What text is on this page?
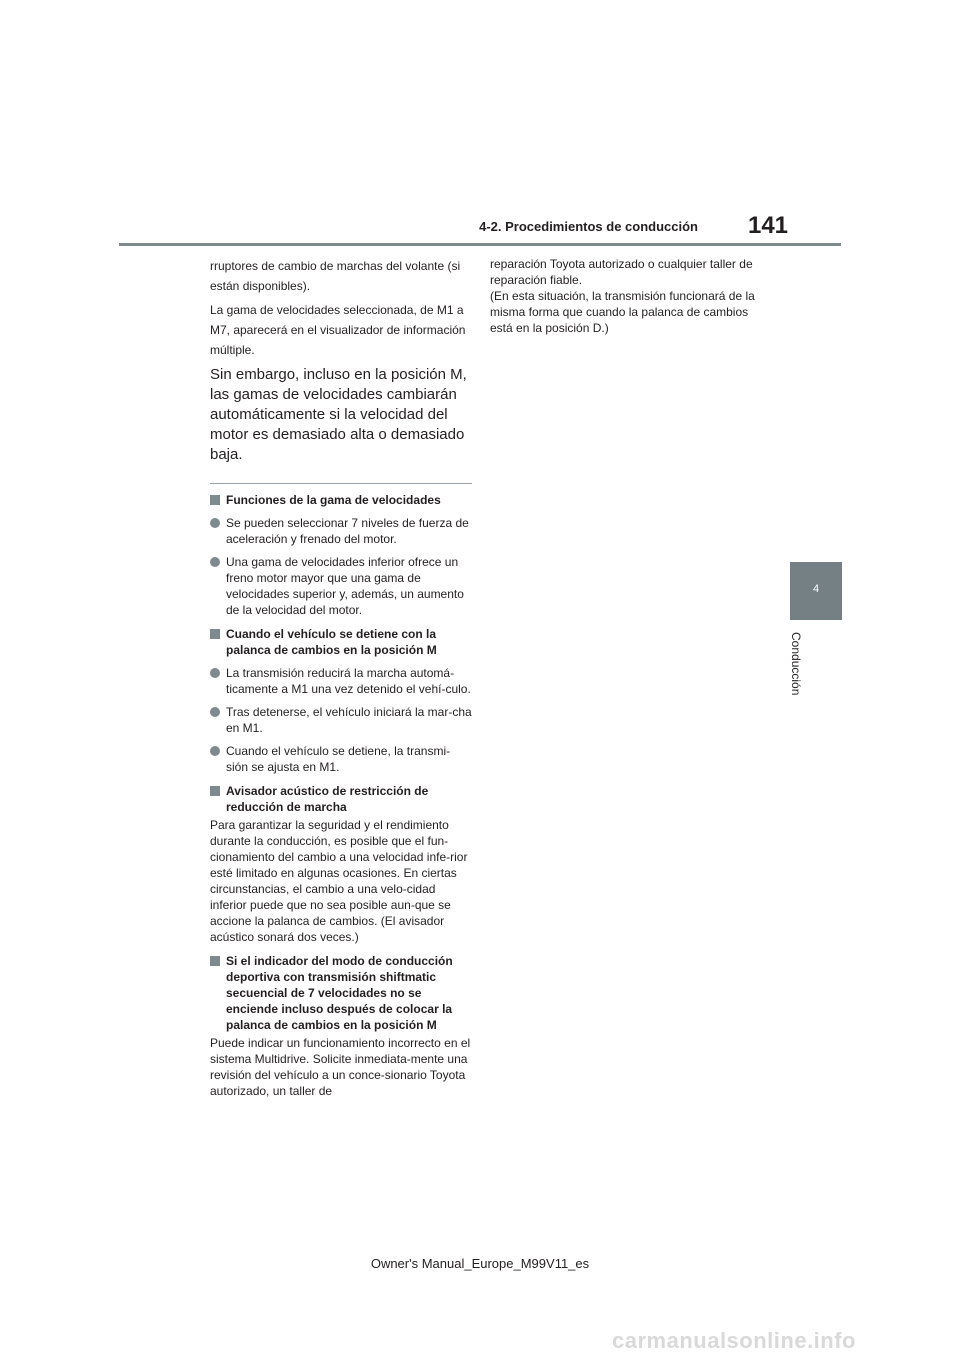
4-2. Procedimientos de conducción	141
4
Conducción

rruptores de cambio de marchas del volante (si están disponibles).

La gama de velocidades seleccionada, de M1 a M7, aparecerá en el visualizador de información múltiple.

Sin embargo, incluso en la posición M, las gamas de velocidades cambiarán automáticamente si la velocidad del motor es demasiado alta o demasiado baja.

Funciones de la gama de velocidades
Se pueden seleccionar 7 niveles de fuerza de aceleración y frenado del motor.
Una gama de velocidades inferior ofrece un freno motor mayor que una gama de velocidades superior y, además, un aumento de la velocidad del motor.
Cuando el vehículo se detiene con la palanca de cambios en la posición M
La transmisión reducirá la marcha automá-ticamente a M1 una vez detenido el vehí-culo.
Tras detenerse, el vehículo iniciará la mar-cha en M1.
Cuando el vehículo se detiene, la transmi-sión se ajusta en M1.
Avisador acústico de restricción de reducción de marcha

Para garantizar la seguridad y el rendimiento durante la conducción, es posible que el fun-cionamiento del cambio a una velocidad infe-rior esté limitado en algunas ocasiones. En ciertas circunstancias, el cambio a una velo-cidad inferior puede que no sea posible aun-que se accione la palanca de cambios. (El avisador acústico sonará dos veces.)

Si el indicador del modo de conducción deportiva con transmisión shiftmatic secuencial de 7 velocidades no se enciende incluso después de colocar la palanca de cambios en la posición M

Puede indicar un funcionamiento incorrecto en el sistema Multidrive. Solicite inmediata-mente una revisión del vehículo a un conce-sionario Toyota autorizado, un taller de

reparación Toyota autorizado o cualquier taller de reparación fiable.

(En esta situación, la transmisión funcionará de la misma forma que cuando la palanca de cambios está en la posición D.)

Owner's Manual_Europe_M99V11_es
carmanualsonline.info
